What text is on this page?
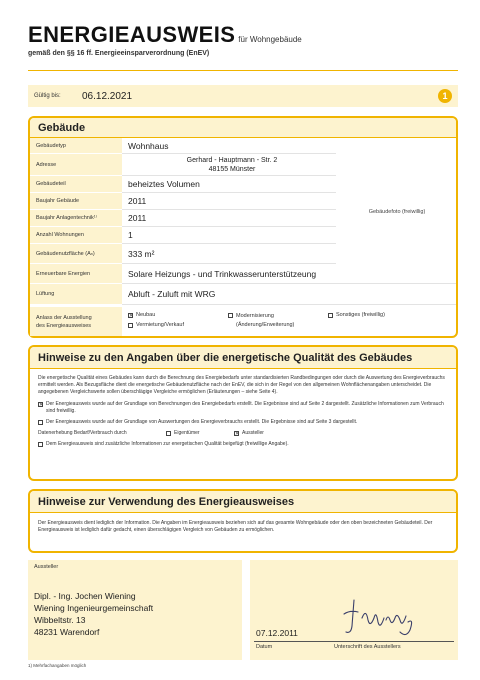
ENERGIEAUSWEIS für Wohngebäude
gemäß den §§ 16 ff. Energieeinsparverordnung (EnEV)
Gültig bis:	06.12.2021	1
Gebäude
Gebäudetyp	Wohnhaus
Adresse
Gerhard - Hauptmann - Str. 2
48155 Münster
Gebäudeteil	beheiztes Volumen
Baujahr Gebäude	2011
Baujahr Anlagentechnik¹⁾	2011
Anzahl Wohnungen	1
Gebäudenutzfläche (Aₙ)	333 m²
Erneuerbare Energien	Solare Heizungs - und Trinkwasserunterstützeung
Lüftung	Abluft - Zuluft mit WRG
Gebäudefoto (freiwillig)
Anlass der Ausstellung
des Energieausweises
✕
Neubau
Vermietung/Verkauf
Modernisierung
(Änderung/Erweiterung)
Sonstiges (freiwillig)
Hinweise zu den Angaben über die energetische Qualität des Gebäudes
Die energetische Qualität eines Gebäudes kann durch die Berechnung des Energiebedarfs unter standardisierten Randbedingungen oder durch die Auswertung des Energieverbrauchs ermittelt werden. Als Bezugsfläche dient die energetische Gebäudenutzfläche nach der EnEV, die sich in der Regel von den allgemeinen Wohnflächenangaben unterscheidet. Die angegebenen Vergleichswerte sollen überschlägige Vergleiche ermöglichen (Erläuterungen – siehe Seite 4).
✕
Der Energieausweis wurde auf der Grundlage von Berechnungen des Energiebedarfs erstellt. Die Ergebnisse sind auf Seite 2 dargestellt. Zusätzliche Informationen zum Verbrauch sind freiwillig.
Der Energieausweis wurde auf der Grundlage von Auswertungen des Energieverbrauchs erstellt. Die Ergebnisse sind auf Seite 3 dargestellt.
Datenerhebung Bedarf/Verbrauch durch	Eigentümer ✕	Aussteller
Dem Energieausweis sind zusätzliche Informationen zur energetischen Qualität beigefügt (freiwillige Angabe).
Hinweise zur Verwendung des Energieausweises
Der Energieausweis dient lediglich der Information. Die Angaben im Energieausweis beziehen sich auf das gesamte Wohngebäude oder den oben bezeichneten Gebäudeteil. Der Energieausweis ist lediglich dafür gedacht, einen überschlägigen Vergleich von Gebäuden zu ermöglichen.
Aussteller
Dipl. - Ing. Jochen Wiening
Wiening Ingenieurgemeinschaft
Wibbeltstr. 13
48231 Warendorf	07.12.2011
Datum	Unterschrift des Ausstellers
1) Mehrfachangaben möglich
